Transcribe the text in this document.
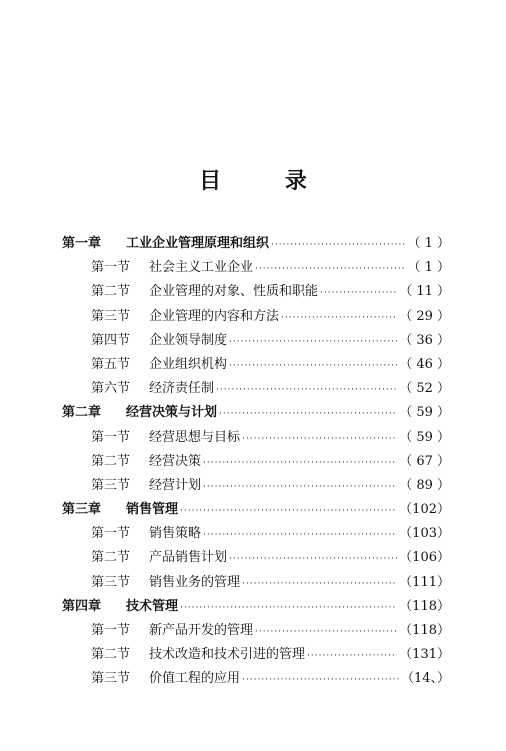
目 录
第一章	工业企业管理原理和组织 ·····	（ 1 ）
第一节	社会主义工业企业 ·····	（ 1 ）
第二节	企业管理的对象、性质和职能 ·····	（ 11 ）
第三节	企业管理的内容和方法 ·····	（ 29 ）
第四节	企业领导制度 ·····	（ 36 ）
第五节	企业组织机构 ·····	（ 46 ）
第六节	经济责任制 ·····	（ 52 ）
第二章	经营决策与计划 ·····	（ 59 ）
第一节	经营思想与目标 ·····	（ 59 ）
第二节	经营决策 ·····	（ 67 ）
第三节	经营计划 ·····	（ 89 ）
第三章	销售管理 ·····	（102）
第一节	销售策略 ·····	（103）
第二节	产品销售计划 ·····	（106）
第三节	销售业务的管理 ·····	（111）
第四章	技术管理 ·····	（118）
第一节	新产品开发的管理 ·····	（118）
第二节	技术改造和技术引进的管理 ·····	（131）
第三节	价值工程的应用 ·····	（14、）
